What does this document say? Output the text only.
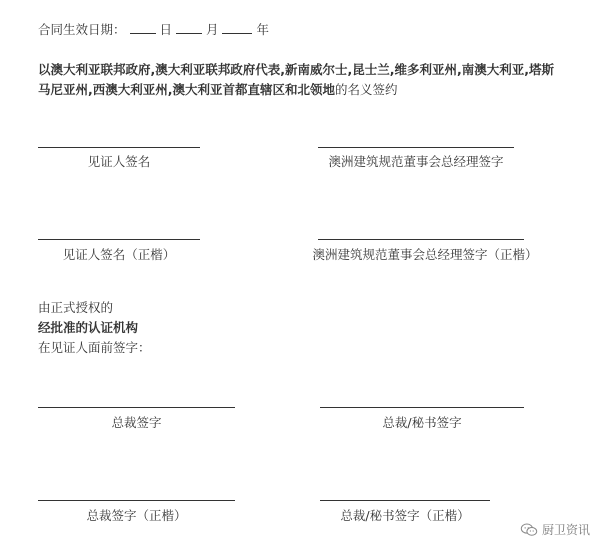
合同生效日期：	日	月	年
以澳大利亚联邦政府,澳大利亚联邦政府代表,新南威尔士,昆士兰,维多利亚州,南澳大利亚,塔斯马尼亚州,西澳大利亚州,澳大利亚首都直辖区和北领地的名义签约
见证人签名	澳洲建筑规范董事会总经理签字
见证人签名（正楷）	澳洲建筑规范董事会总经理签字（正楷）
由正式授权的
经批准的认证机构
在见证人面前签字：
总裁签字	总裁/秘书签字
总裁签字（正楷）	总裁/秘书签字（正楷）
厨卫资讯
